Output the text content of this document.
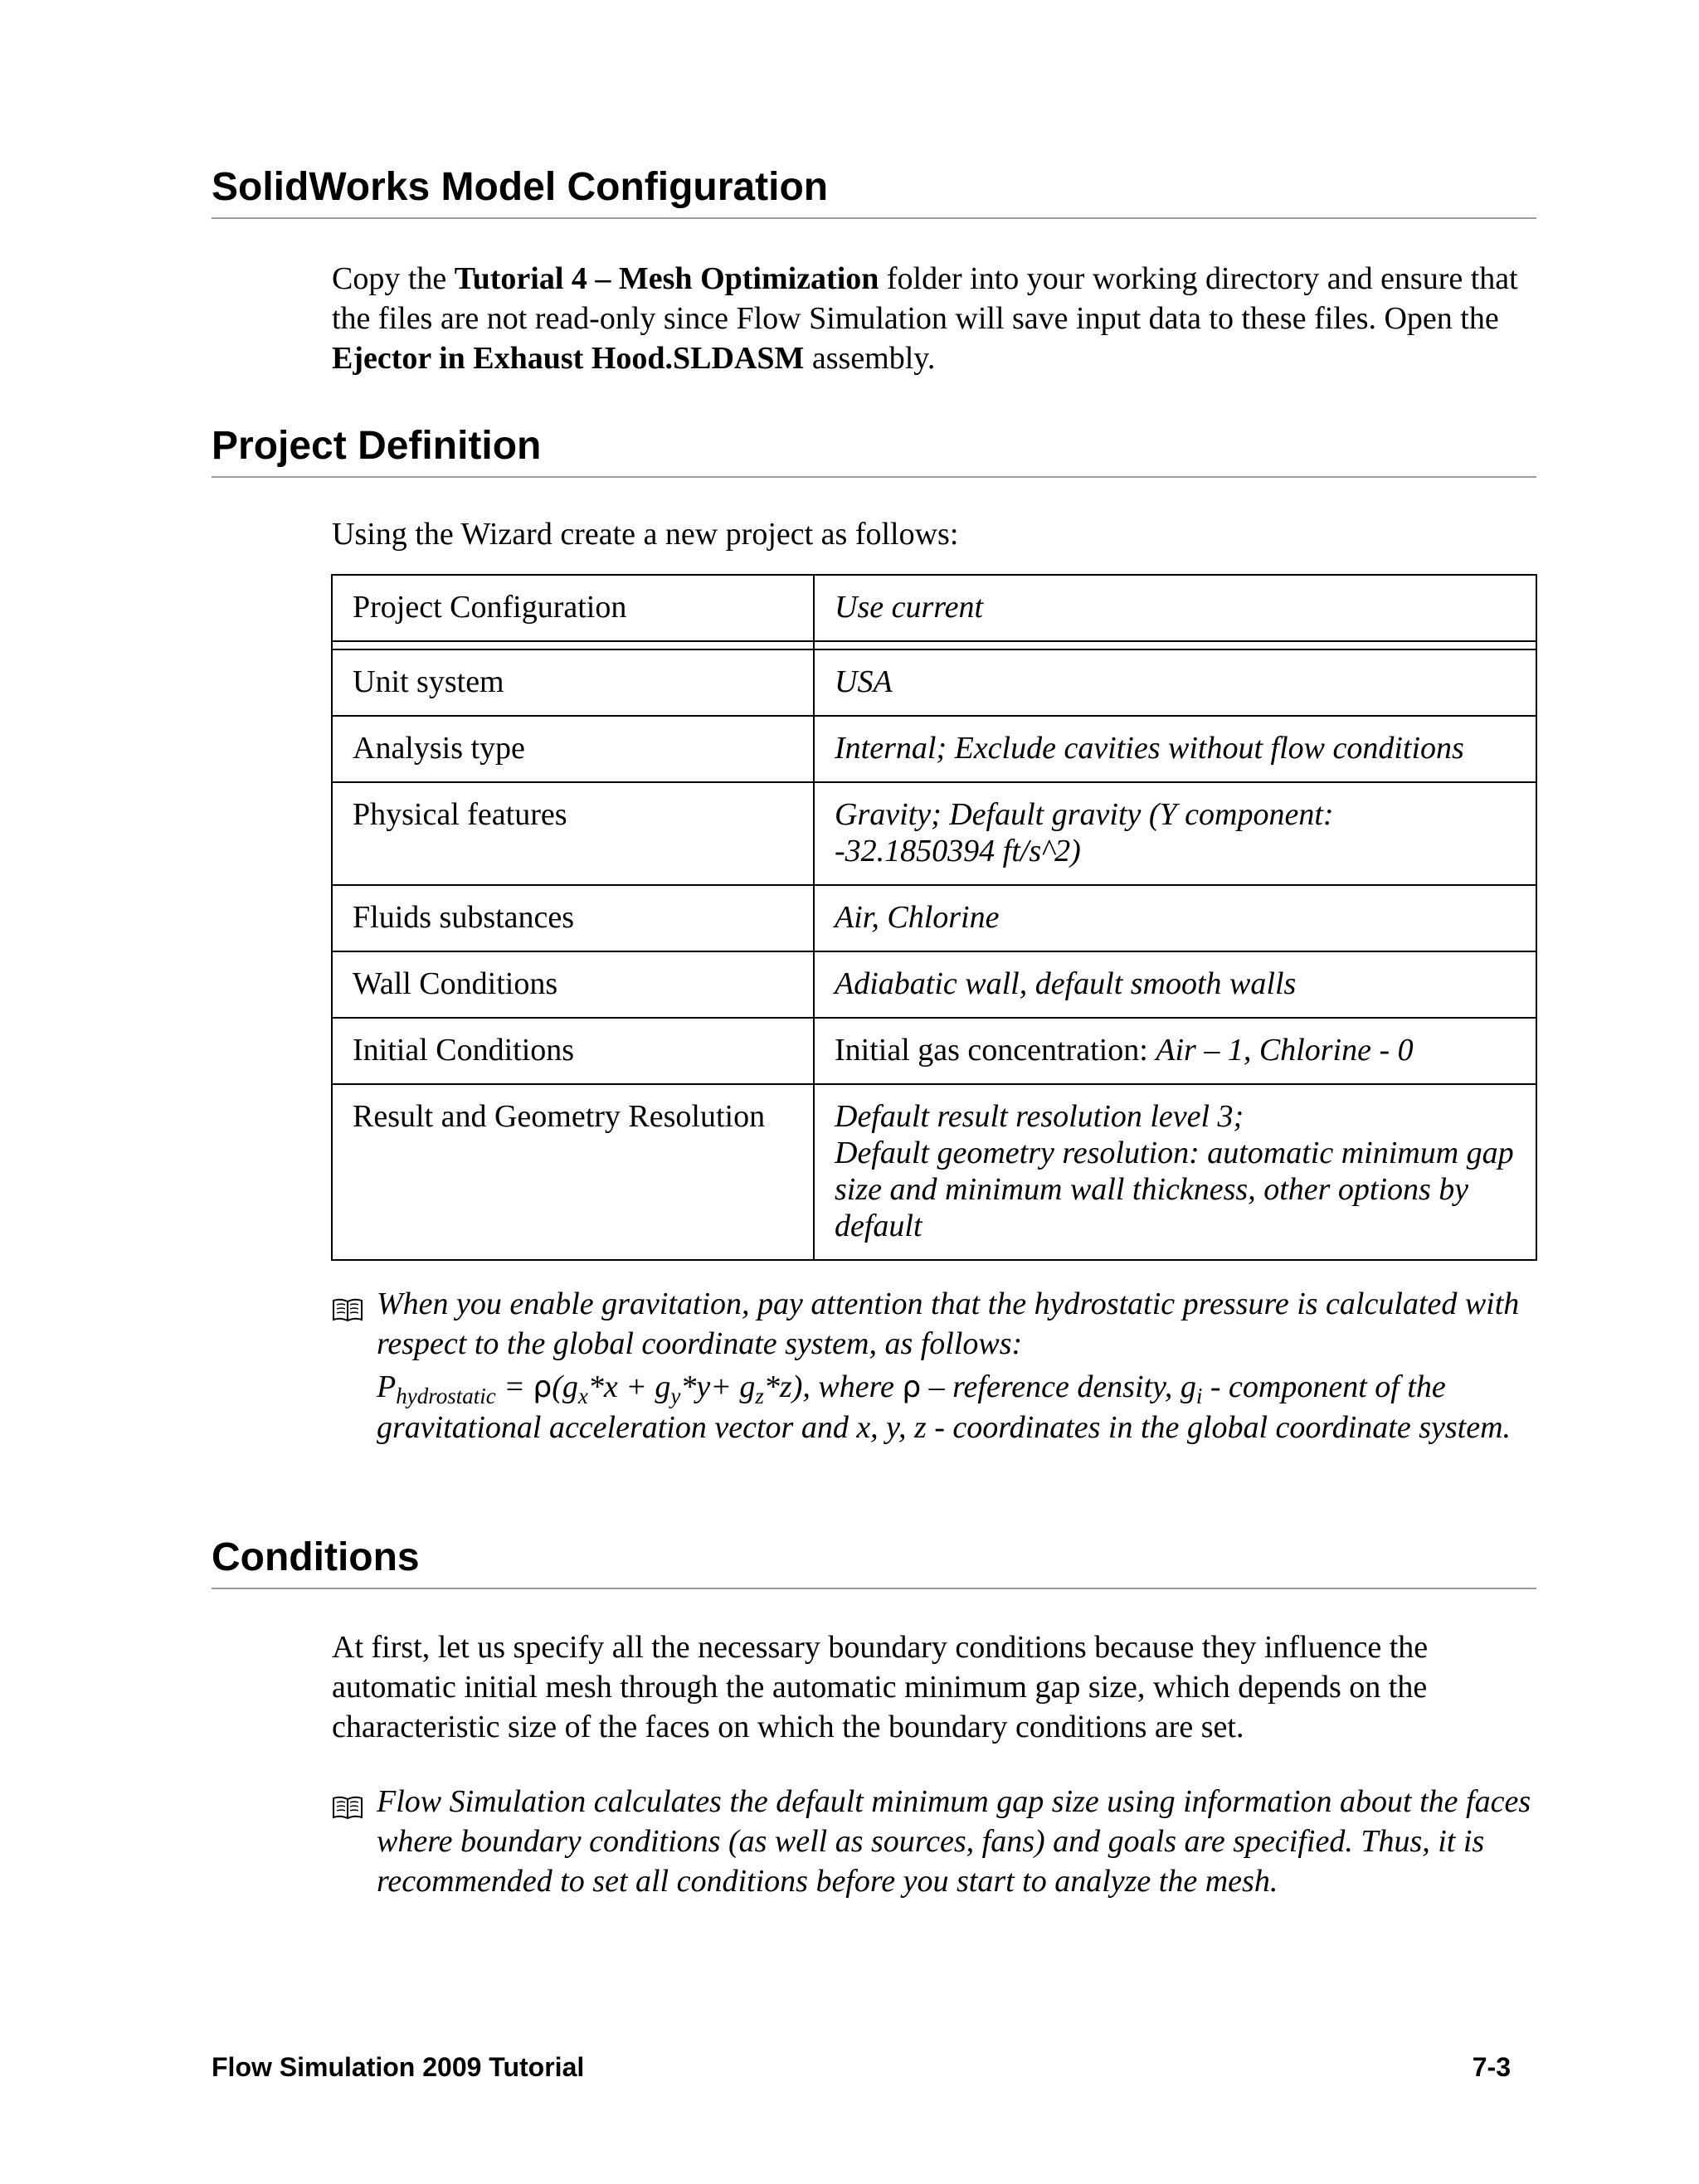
SolidWorks Model Configuration
Copy the Tutorial 4 – Mesh Optimization folder into your working directory and ensure that the files are not read-only since Flow Simulation will save input data to these files. Open the Ejector in Exhaust Hood.SLDASM assembly.
Project Definition
Using the Wizard create a new project as follows:
Project Configuration	Use current

Unit system	USA
Analysis type	Internal; Exclude cavities without flow conditions
Physical features	Gravity; Default gravity (Y component:
-32.1850394 ft/s^2)
Fluids substances	Air, Chlorine
Wall Conditions	Adiabatic wall, default smooth walls
Initial Conditions	Initial gas concentration: Air – 1, Chlorine - 0
Result and Geometry Resolution	Default result resolution level 3;
Default geometry resolution: automatic minimum gap size and minimum wall thickness, other options by default
When you enable gravitation, pay attention that the hydrostatic pressure is calculated with respect to the global coordinate system, as follows:
$P_{hydrostatic} = \rho(g_x*x + g_y*y+ g_z*z)$, where ρ – reference density, $g_i$ - component of the gravitational acceleration vector and x, y, z - coordinates in the global coordinate system.
Conditions
At first, let us specify all the necessary boundary conditions because they influence the automatic initial mesh through the automatic minimum gap size, which depends on the characteristic size of the faces on which the boundary conditions are set.
Flow Simulation calculates the default minimum gap size using information about the faces where boundary conditions (as well as sources, fans) and goals are specified. Thus, it is recommended to set all conditions before you start to analyze the mesh.
Flow Simulation 2009 Tutorial	7-3
